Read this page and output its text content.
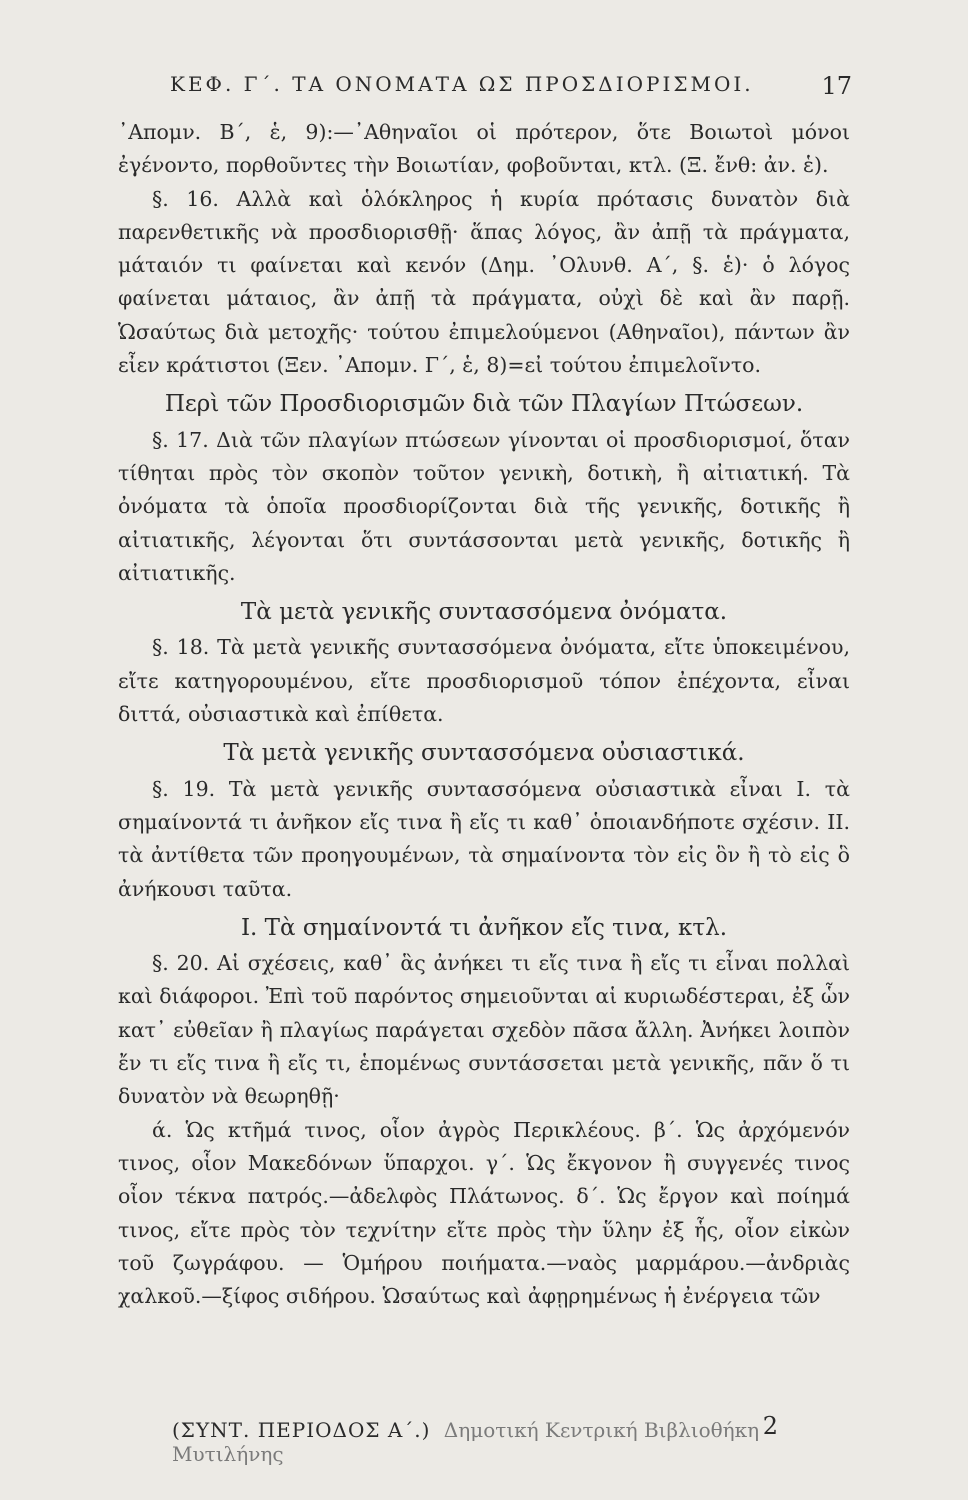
ΚΕΦ. Γ΄. ΤΑ ΟΝΟΜΑΤΑ ΩΣ ΠΡΟΣΔΙΟΡΙΣΜΟΙ.	17

᾿Απομν. Β΄, ἑ, 9):—᾿Αθηναῖοι οἱ πρότερον, ὅτε Βοιωτοὶ μόνοι ἐγένοντο, πορθοῦντες τὴν Βοιωτίαν, φοβοῦνται, κτλ. (Ξ. ἔνθ: ἀν. ἑ).

§. 16. Αλλὰ καὶ ὁλόκληρος ἡ κυρία πρότασις δυνατὸν διὰ παρενθετικῆς νὰ προσδιορισθῇ· ἅπας λόγος, ἂν ἀπῇ τὰ πράγματα, μάταιόν τι φαίνεται καὶ κενόν (Δημ. ᾿Ολυνθ. Α΄, §. ἑ)· ὁ λόγος φαίνεται μάταιος, ἂν ἀπῇ τὰ πράγματα, οὐχὶ δὲ καὶ ἂν παρῇ. Ὡσαύτως διὰ μετοχῆς· τούτου ἐπιμελούμενοι (Αθηναῖοι), πάντων ἂν εἶεν κράτιστοι (Ξεν. ᾿Απομν. Γ΄, ἑ, 8)=εἰ τούτου ἐπιμελοῖντο.

Περὶ τῶν Προσδιορισμῶν διὰ τῶν Πλαγίων Πτώσεων.

§. 17. Διὰ τῶν πλαγίων πτώσεων γίνονται οἱ προσδιορισμοί, ὅταν τίθηται πρὸς τὸν σκοπὸν τοῦτον γενικὴ, δοτικὴ, ἢ αἰτιατική. Τὰ ὀνόματα τὰ ὁποῖα προσδιορίζονται διὰ τῆς γενικῆς, δοτικῆς ἢ αἰτιατικῆς, λέγονται ὅτι συντάσσονται μετὰ γενικῆς, δοτικῆς ἢ αἰτιατικῆς.

Τὰ μετὰ γενικῆς συντασσόμενα ὀνόματα.

§. 18. Τὰ μετὰ γενικῆς συντασσόμενα ὀνόματα, εἴτε ὑποκειμένου, εἴτε κατηγορουμένου, εἴτε προσδιορισμοῦ τόπον ἐπέχοντα, εἶναι διττά, οὐσιαστικὰ καὶ ἐπίθετα.

Τὰ μετὰ γενικῆς συντασσόμενα οὐσιαστικά.

§. 19. Τὰ μετὰ γενικῆς συντασσόμενα οὐσιαστικὰ εἶναι Ι. τὰ σημαίνοντά τι ἀνῆκον εἴς τινα ἢ εἴς τι καθ᾿ ὁποιανδήποτε σχέσιν. ΙΙ. τὰ ἀντίθετα τῶν προηγουμένων, τὰ σημαίνοντα τὸν εἰς ὃν ἢ τὸ εἰς ὃ ἀνήκουσι ταῦτα.

Ι. Τὰ σημαίνοντά τι ἀνῆκον εἴς τινα, κτλ.

§. 20. Αἱ σχέσεις, καθ᾿ ἃς ἀνήκει τι εἴς τινα ἢ εἴς τι εἶναι πολλαὶ καὶ διάφοροι. Ἐπὶ τοῦ παρόντος σημειοῦνται αἱ κυριωδέστεραι, ἐξ ὧν κατ᾿ εὐθεῖαν ἢ πλαγίως παράγεται σχεδὸν πᾶσα ἄλλη. Ἀνήκει λοιπὸν ἔν τι εἴς τινα ἢ εἴς τι, ἑπομένως συντάσσεται μετὰ γενικῆς, πᾶν ὅ τι δυνατὸν νὰ θεωρηθῇ·

ά. Ὡς κτῆμά τινος, οἷον ἀγρὸς Περικλέους. β΄. Ὡς ἀρχόμενόν τινος, οἷον Μακεδόνων ὕπαρχοι. γ΄. Ὡς ἔκγονον ἢ συγγενές τινος οἷον τέκνα πατρός.—ἀδελφὸς Πλάτωνος. δ΄. Ὡς ἔργον καὶ ποίημά τινος, εἴτε πρὸς τὸν τεχνίτην εἴτε πρὸς τὴν ὕλην ἐξ ἧς, οἷον εἰκὼν τοῦ ζωγράφου. — Ὁμήρου ποιήματα.—ναὸς μαρμάρου.—ἀνδριὰς χαλκοῦ.—ξίφος σιδήρου. Ὡσαύτως καὶ ἀφῃρημένως ἡ ἐνέργεια τῶν

(ΣΥΝΤ. ΠΕΡΙΟΔΟΣ Α΄.) Δημοτική Κεντρική Βιβλιοθήκη Μυτιλήνης
2
